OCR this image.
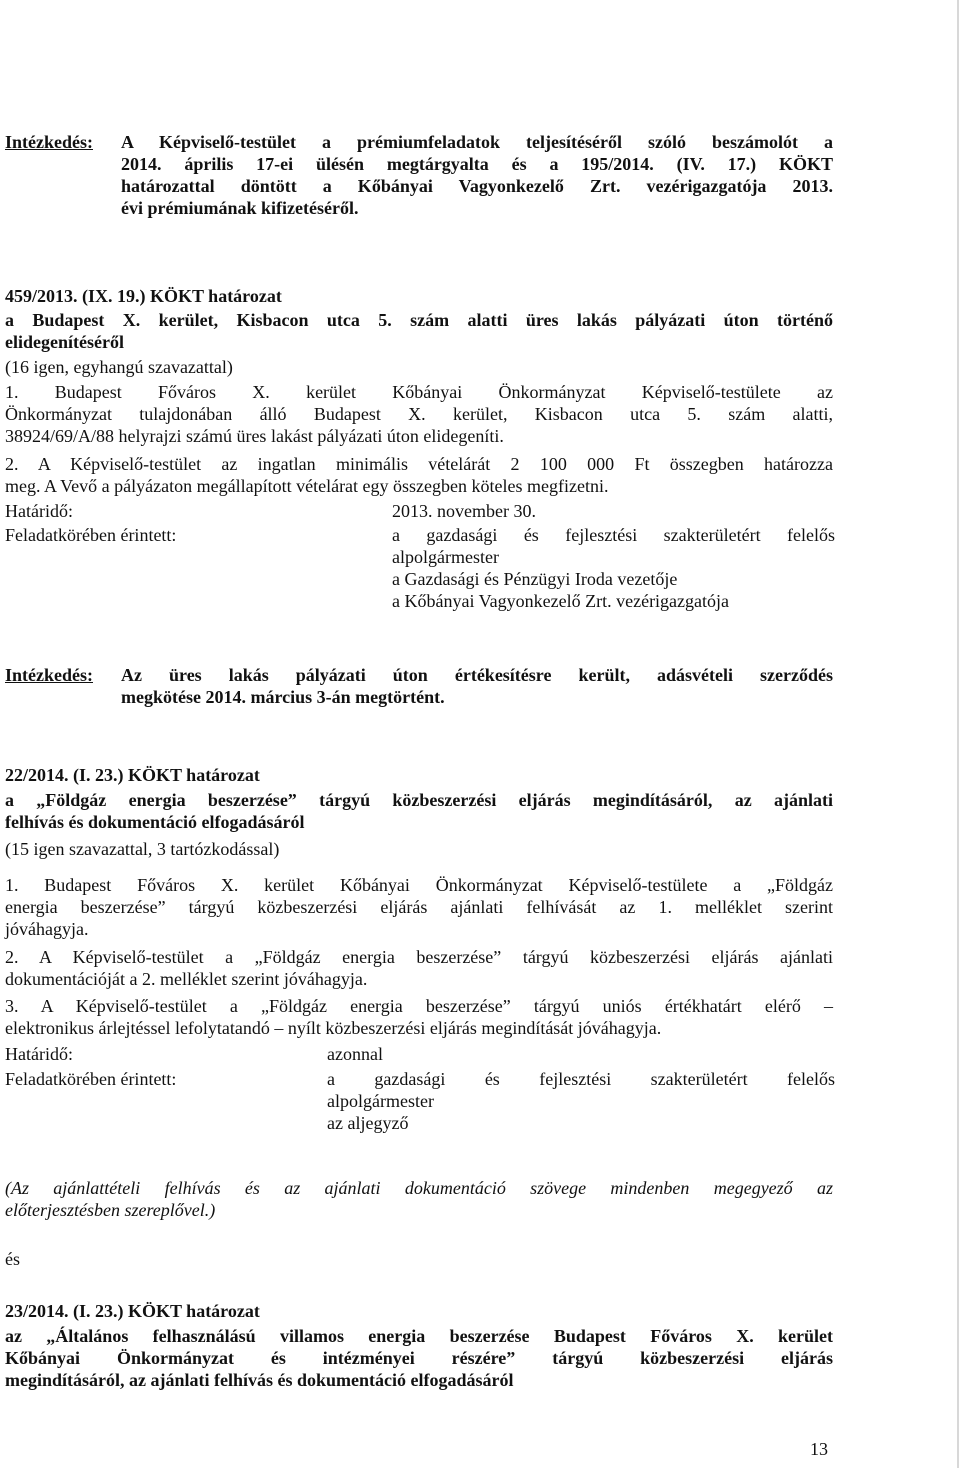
Intézkedés: A Képviselő-testület a prémiumfeladatok teljesítéséről szóló beszámolót a
2014. április 17-ei ülésén megtárgyalta és a 195/2014. (IV. 17.) KÖKT
határozattal döntött a Kőbányai Vagyonkezelő Zrt. vezérigazgatója 2013.
évi prémiumának kifizetéséről.
459/2013. (IX. 19.) KÖKT határozat
a Budapest X. kerület, Kisbacon utca 5. szám alatti üres lakás pályázati úton történő
elidegenítéséről
(16 igen, egyhangú szavazattal)
1. Budapest Főváros X. kerület Kőbányai Önkormányzat Képviselő-testülete az
Önkormányzat tulajdonában álló Budapest X. kerület, Kisbacon utca 5. szám alatti,
38924/69/A/88 helyrajzi számú üres lakást pályázati úton elidegeníti.
2. A Képviselő-testület az ingatlan minimális vételárát 2 100 000 Ft összegben határozza
meg. A Vevő a pályázaton megállapított vételárat egy összegben köteles megfizetni.
Határidő:	2013. november 30.
Feladatkörében érintett:	a gazdasági és fejlesztési szakterületért felelős
alpolgármester
a Gazdasági és Pénzügyi Iroda vezetője
a Kőbányai Vagyonkezelő Zrt. vezérigazgatója
Intézkedés: Az üres lakás pályázati úton értékesítésre került, adásvételi szerződés
megkötése 2014. március 3-án megtörtént.
22/2014. (I. 23.) KÖKT határozat
a „Földgáz energia beszerzése” tárgyú közbeszerzési eljárás megindításáról, az ajánlati
felhívás és dokumentáció elfogadásáról
(15 igen szavazattal, 3 tartózkodással)
1. Budapest Főváros X. kerület Kőbányai Önkormányzat Képviselő-testülete a „Földgáz
energia beszerzése” tárgyú közbeszerzési eljárás ajánlati felhívását az 1. melléklet szerint
jóváhagyja.
2. A Képviselő-testület a „Földgáz energia beszerzése” tárgyú közbeszerzési eljárás ajánlati
dokumentációját a 2. melléklet szerint jóváhagyja.
3. A Képviselő-testület a „Földgáz energia beszerzése” tárgyú uniós értékhatárt elérő –
elektronikus árlejtéssel lefolytatandó – nyílt közbeszerzési eljárás megindítását jóváhagyja.
Határidő:	azonnal
Feladatkörében érintett:	a gazdasági és fejlesztési szakterületért felelős
alpolgármester
az aljegyző
(Az ajánlattételi felhívás és az ajánlati dokumentáció szövege mindenben megegyező az
előterjesztésben szereplővel.)
és
23/2014. (I. 23.) KÖKT határozat
az „Általános felhasználású villamos energia beszerzése Budapest Főváros X. kerület
Kőbányai Önkormányzat és intézményei részére” tárgyú közbeszerzési eljárás
megindításáról, az ajánlati felhívás és dokumentáció elfogadásáról
13
